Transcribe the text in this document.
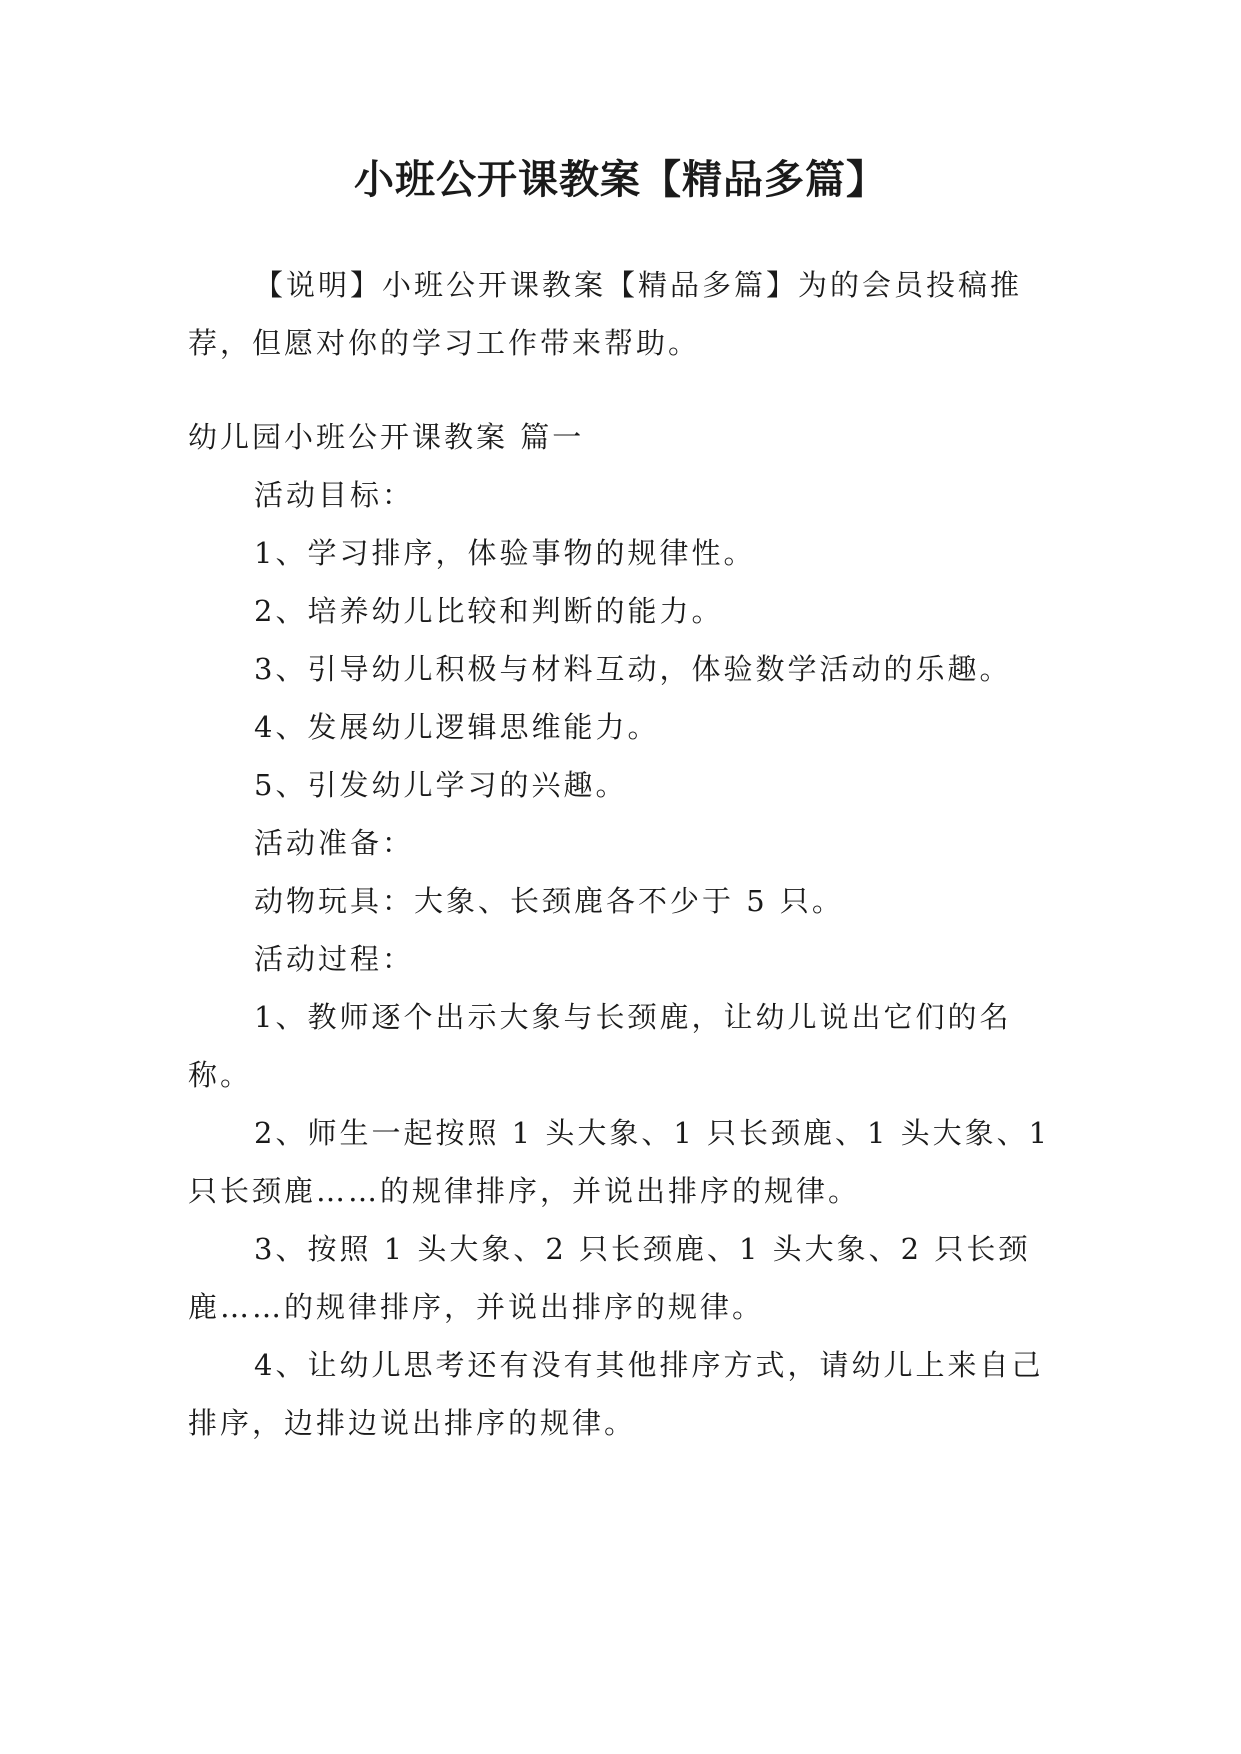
小班公开课教案【精品多篇】

【说明】小班公开课教案【精品多篇】为的会员投稿推荐，但愿对你的学习工作带来帮助。

幼儿园小班公开课教案 篇一

活动目标：

1、学习排序，体验事物的规律性。

2、培养幼儿比较和判断的能力。

3、引导幼儿积极与材料互动，体验数学活动的乐趣。

4、发展幼儿逻辑思维能力。

5、引发幼儿学习的兴趣。

活动准备：

动物玩具：大象、长颈鹿各不少于 5 只。

活动过程：

1、教师逐个出示大象与长颈鹿，让幼儿说出它们的名称。

2、师生一起按照 1 头大象、1 只长颈鹿、1 头大象、1 只长颈鹿……的规律排序，并说出排序的规律。

3、按照 1 头大象、2 只长颈鹿、1 头大象、2 只长颈鹿……的规律排序，并说出排序的规律。

4、让幼儿思考还有没有其他排序方式，请幼儿上来自己排序，边排边说出排序的规律。
